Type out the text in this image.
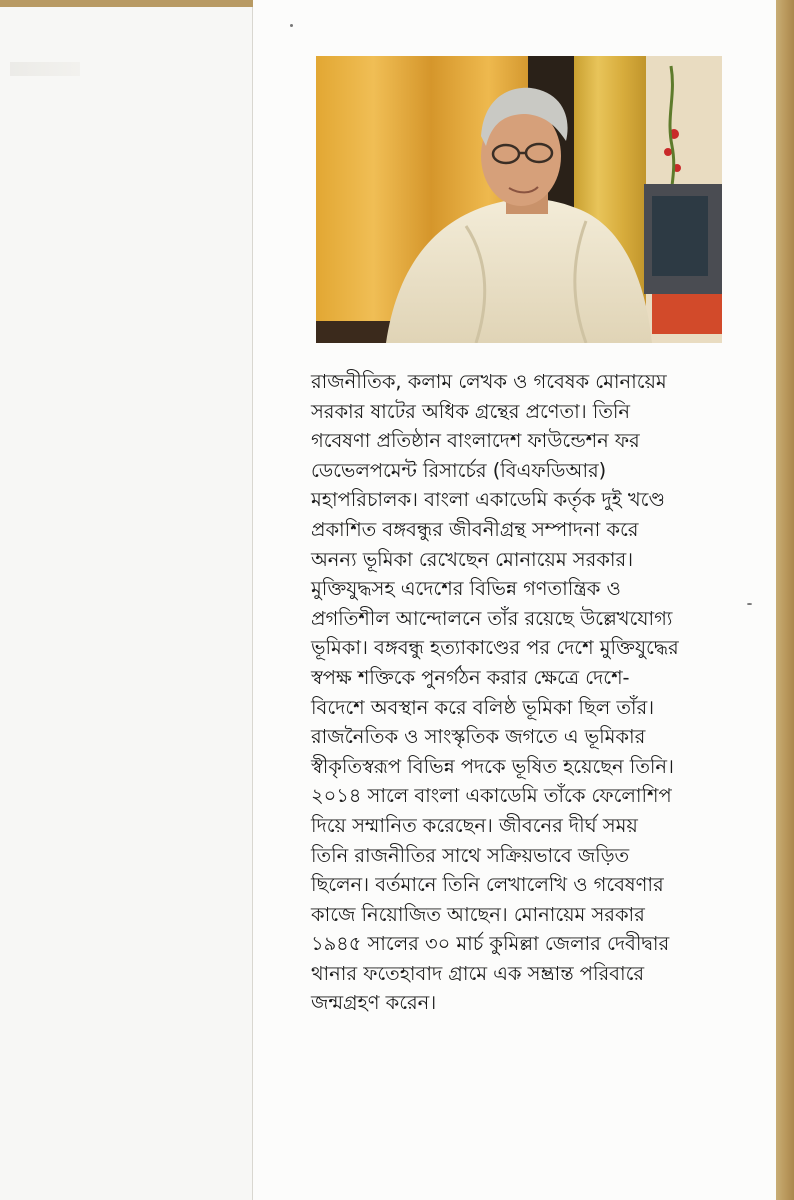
রাজনীতিক, কলাম লেখক ও গবেষক মোনায়েম
সরকার ষাটের অধিক গ্রন্থের প্রণেতা। তিনি
গবেষণা প্রতিষ্ঠান বাংলাদেশ ফাউন্ডেশন ফর
ডেভেলপমেন্ট রিসার্চের (বিএফডিআর)
মহাপরিচালক। বাংলা একাডেমি কর্তৃক দুই খণ্ডে
প্রকাশিত বঙ্গবন্ধুর জীবনীগ্রন্থ সম্পাদনা করে
অনন্য ভূমিকা রেখেছেন মোনায়েম সরকার।
মুক্তিযুদ্ধসহ এদেশের বিভিন্ন গণতান্ত্রিক ও
প্রগতিশীল আন্দোলনে তাঁর রয়েছে উল্লেখযোগ্য
ভূমিকা। বঙ্গবন্ধু হত্যাকাণ্ডের পর দেশে মুক্তিযুদ্ধের
স্বপক্ষ শক্তিকে পুনর্গঠন করার ক্ষেত্রে দেশে-
বিদেশে অবস্থান করে বলিষ্ঠ ভূমিকা ছিল তাঁর।
রাজনৈতিক ও সাংস্কৃতিক জগতে এ ভূমিকার
স্বীকৃতিস্বরূপ বিভিন্ন পদকে ভূষিত হয়েছেন তিনি।
২০১৪ সালে বাংলা একাডেমি তাঁকে ফেলোশিপ
দিয়ে সম্মানিত করেছেন। জীবনের দীর্ঘ সময়
তিনি রাজনীতির সাথে সক্রিয়ভাবে জড়িত
ছিলেন। বর্তমানে তিনি লেখালেখি ও গবেষণার
কাজে নিয়োজিত আছেন। মোনায়েম সরকার
১৯৪৫ সালের ৩০ মার্চ কুমিল্লা জেলার দেবীদ্বার
থানার ফতেহাবাদ গ্রামে এক সম্ভ্রান্ত পরিবারে
জন্মগ্রহণ করেন।
